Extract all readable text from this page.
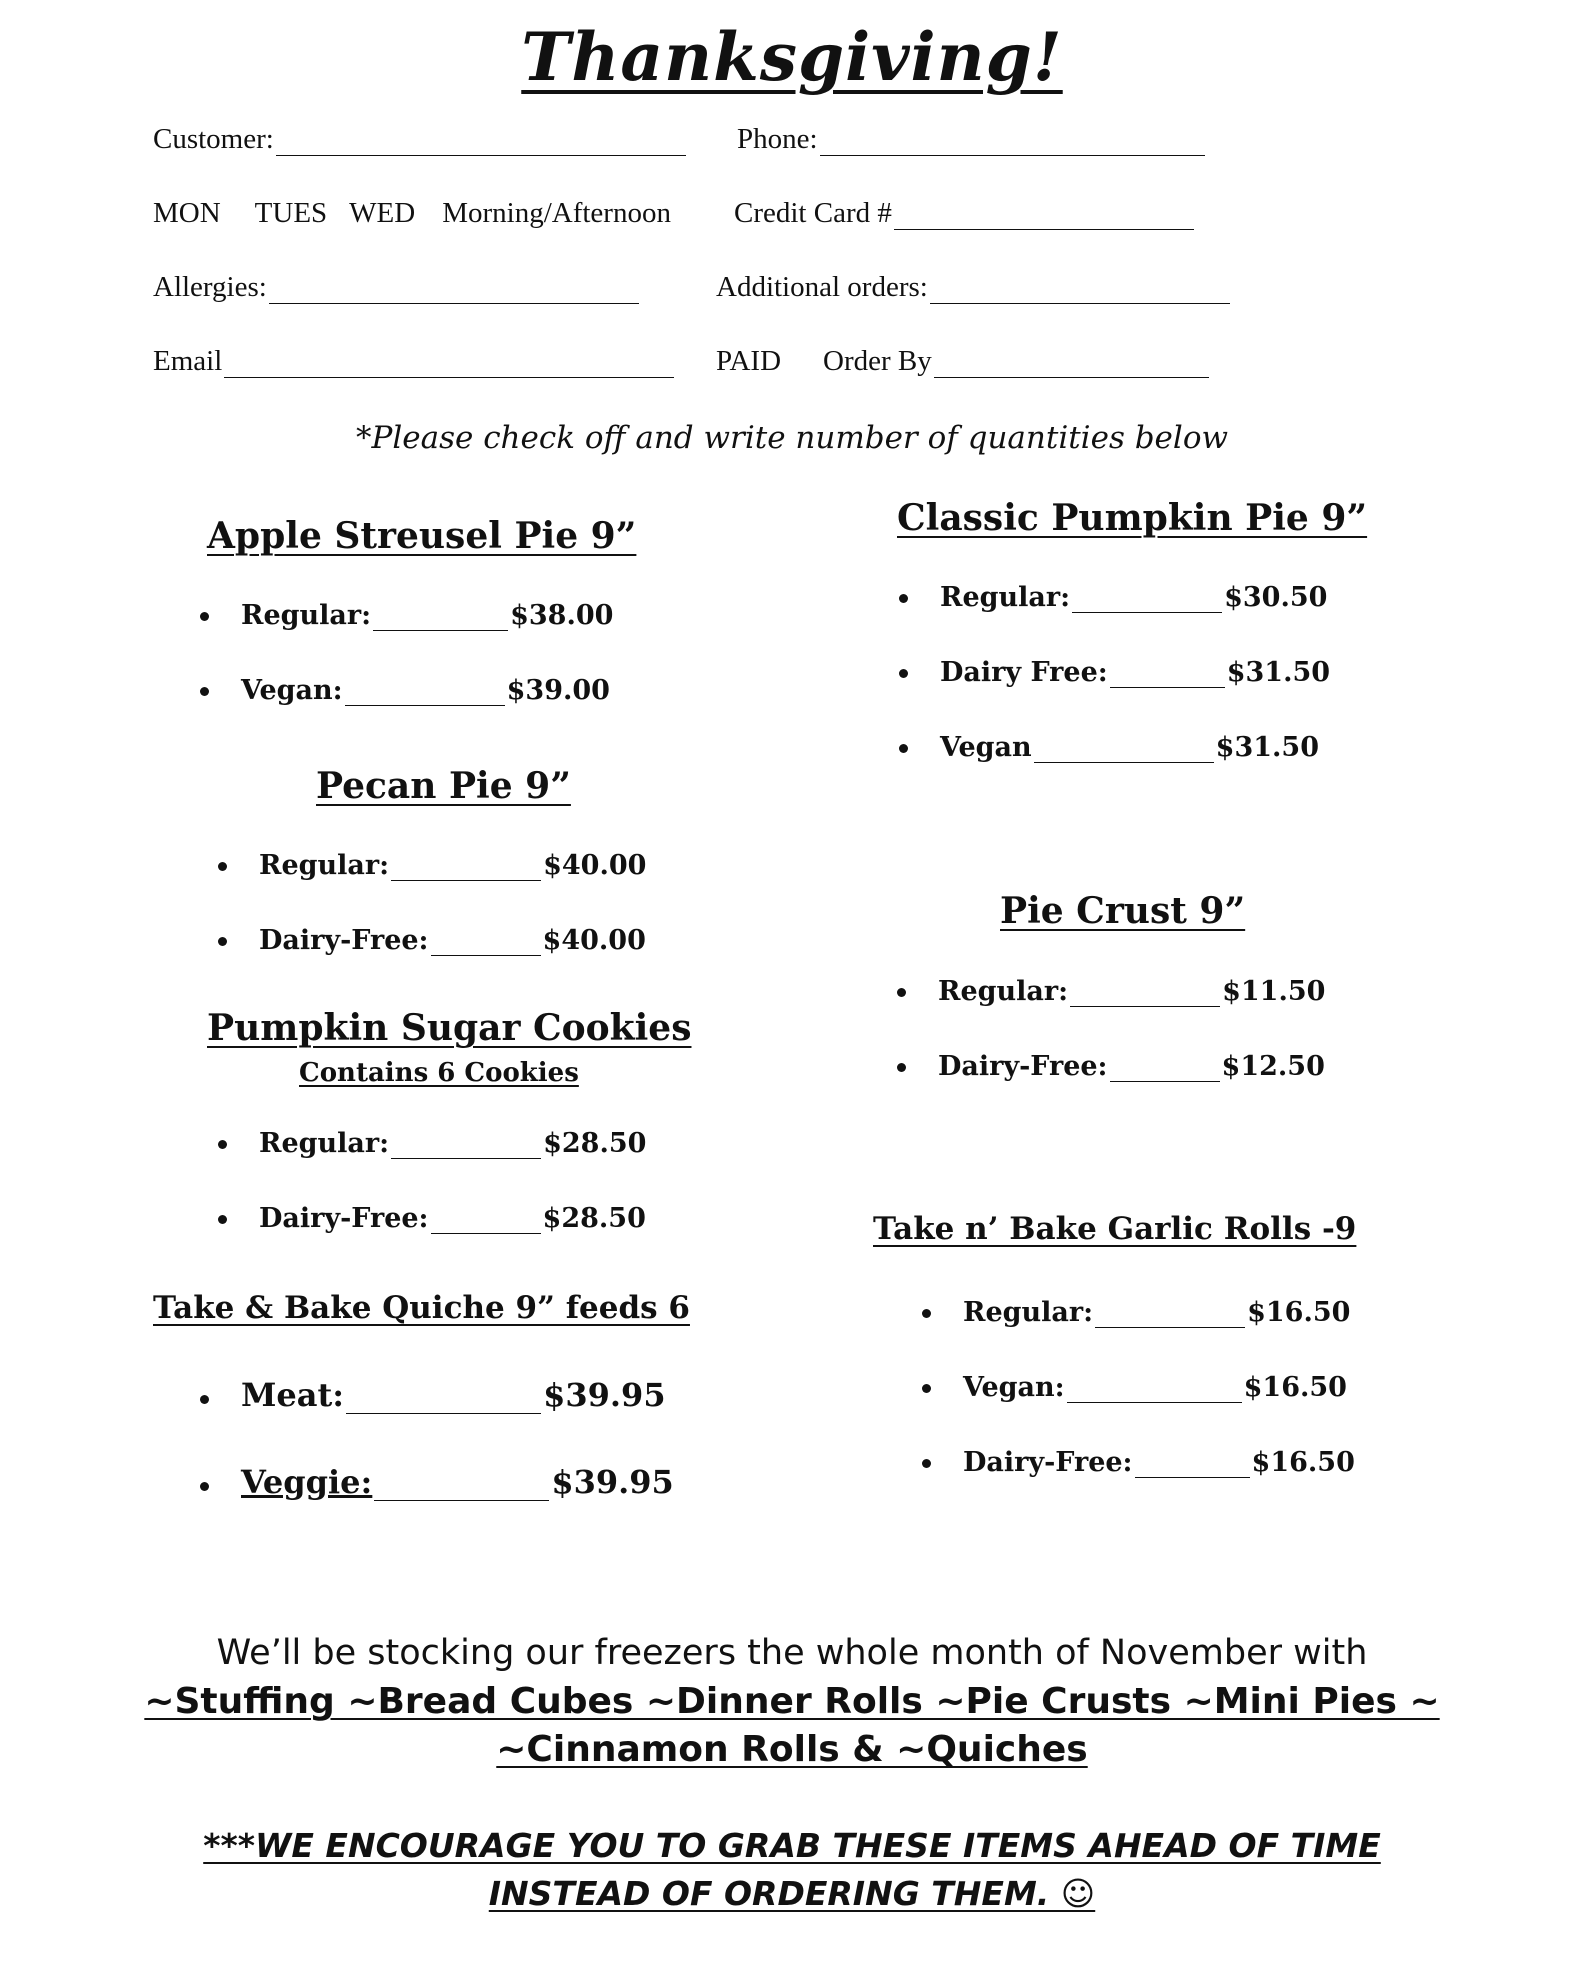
Thanksgiving!
Customer:	Phone:
MON TUES WED Morning/Afternoon Credit Card #
Allergies:	Additional orders:
Email	PAID Order By
*Please check off and write number of quantities below
Apple Streusel Pie 9”
Regular:	$38.00
Vegan:	$39.00
Pecan Pie 9”
Regular:	$40.00
Dairy-Free:	$40.00
Pumpkin Sugar Cookies
Contains 6 Cookies
Regular:	$28.50
Dairy-Free:	$28.50
Take & Bake Quiche 9” feeds 6
Meat:	$39.95
Veggie:	$39.95
Classic Pumpkin Pie 9”
Regular:	$30.50
Dairy Free:	$31.50
Vegan	$31.50
Pie Crust 9”
Regular:	$11.50
Dairy-Free:	$12.50
Take n’ Bake Garlic Rolls -9
Regular:	$16.50
Vegan:	$16.50
Dairy-Free:	$16.50
We’ll be stocking our freezers the whole month of November with
~Stuffing ~Bread Cubes ~Dinner Rolls ~Pie Crusts ~Mini Pies ~
~Cinnamon Rolls & ~Quiches
***WE ENCOURAGE YOU TO GRAB THESE ITEMS AHEAD OF TIME
INSTEAD OF ORDERING THEM. ☺
